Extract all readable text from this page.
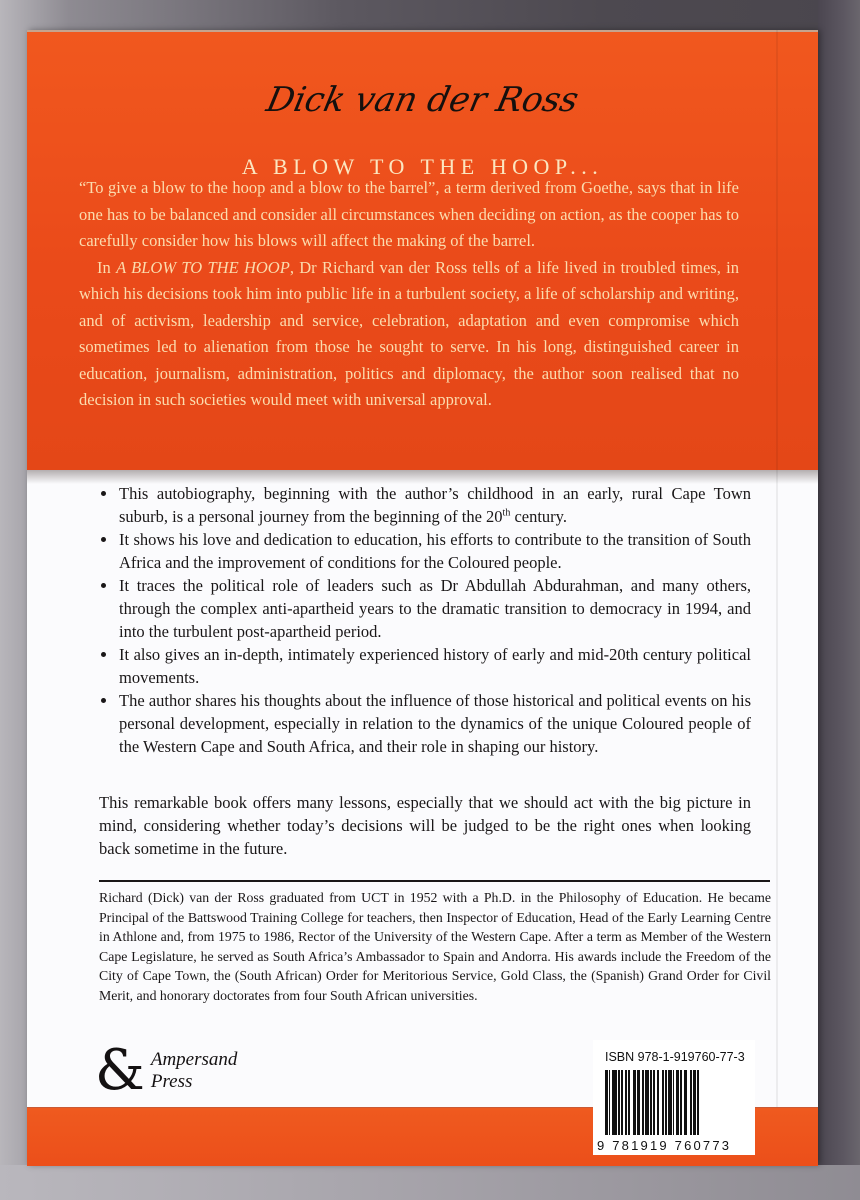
Dick van der Ross
A BLOW TO THE HOOP...

“To give a blow to the hoop and a blow to the barrel”, a term derived from Goethe, says that in life one has to be balanced and consider all circumstances when deciding on action, as the cooper has to carefully consider how his blows will affect the making of the barrel.

In A BLOW TO THE HOOP, Dr Richard van der Ross tells of a life lived in troubled times, in which his decisions took him into public life in a turbulent society, a life of scholarship and writing, and of activism, leadership and service, celebration, adaptation and even compromise which sometimes led to alienation from those he sought to serve. In his long, distinguished career in education, journalism, administration, politics and diplomacy, the author soon realised that no decision in such societies would meet with universal approval.

This autobiography, beginning with the author’s childhood in an early, rural Cape Town suburb, is a personal journey from the beginning of the 20th century.
It shows his love and dedication to education, his efforts to contribute to the transition of South Africa and the improvement of conditions for the Coloured people.
It traces the political role of leaders such as Dr Abdullah Abdurahman, and many others, through the complex anti-apartheid years to the dramatic transition to democracy in 1994, and into the turbulent post-apartheid period.
It also gives an in-depth, intimately experienced history of early and mid-20th century political movements.
The author shares his thoughts about the influence of those historical and political events on his personal development, especially in relation to the dynamics of the unique Coloured people of the Western Cape and South Africa, and their role in shaping our history.

This remarkable book offers many lessons, especially that we should act with the big picture in mind, considering whether today’s decisions will be judged to be the right ones when looking back sometime in the future.

Richard (Dick) van der Ross graduated from UCT in 1952 with a Ph.D. in the Philosophy of Education. He became Principal of the Battswood Training College for teachers, then Inspector of Education, Head of the Early Learning Centre in Athlone and, from 1975 to 1986, Rector of the University of the Western Cape. After a term as Member of the Western Cape Legislature, he served as South Africa’s Ambassador to Spain and Andorra. His awards include the Freedom of the City of Cape Town, the (South African) Order for Meritorious Service, Gold Class, the (Spanish) Grand Order for Civil Merit, and honorary doctorates from four South African universities.

& Ampersand
Press
ISBN 978-1-919760-77-3
9 781919 760773
